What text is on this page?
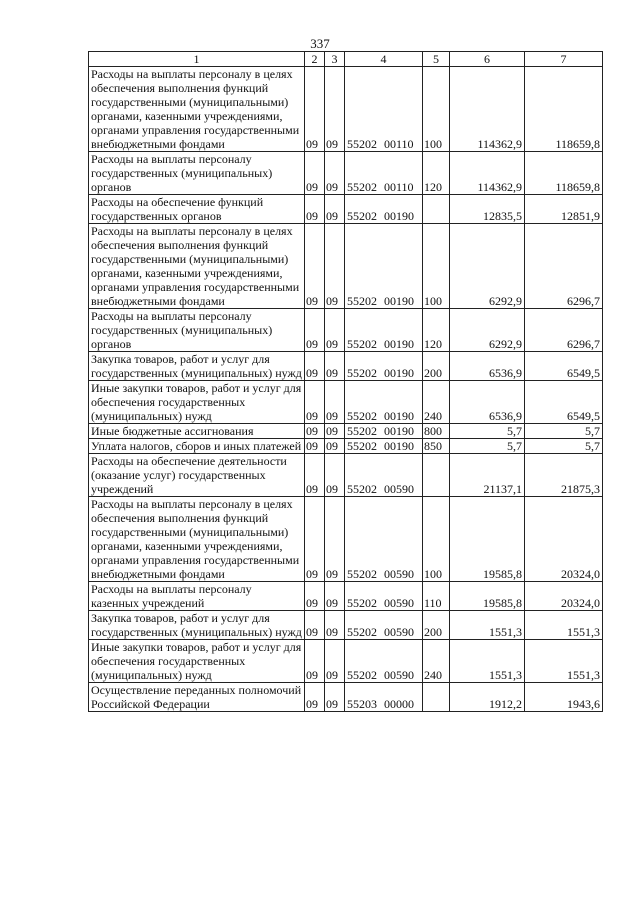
337
1	2	3	4	5	6	7
Расходы на выплаты персоналу в целях обеспечения выполнения функций государственными (муниципальными) органами, казенными учреждениями, органами управления государственными внебюджетными фондами	09	09	55202 00110	100	114362,9	118659,8
Расходы на выплаты персоналу государственных (муниципальных) органов	09	09	55202 00110	120	114362,9	118659,8
Расходы на обеспечение функций государственных органов	09	09	55202 00190		12835,5	12851,9
Расходы на выплаты персоналу в целях обеспечения выполнения функций государственными (муниципальными) органами, казенными учреждениями, органами управления государственными внебюджетными фондами	09	09	55202 00190	100	6292,9	6296,7
Расходы на выплаты персоналу государственных (муниципальных) органов	09	09	55202 00190	120	6292,9	6296,7
Закупка товаров, работ и услуг для государственных (муниципальных) нужд	09	09	55202 00190	200	6536,9	6549,5
Иные закупки товаров, работ и услуг для обеспечения государственных (муниципальных) нужд	09	09	55202 00190	240	6536,9	6549,5
Иные бюджетные ассигнования	09	09	55202 00190	800	5,7	5,7
Уплата налогов, сборов и иных платежей	09	09	55202 00190	850	5,7	5,7
Расходы на обеспечение деятельности (оказание услуг) государственных учреждений	09	09	55202 00590		21137,1	21875,3
Расходы на выплаты персоналу в целях обеспечения выполнения функций государственными (муниципальными) органами, казенными учреждениями, органами управления государственными внебюджетными фондами	09	09	55202 00590	100	19585,8	20324,0
Расходы на выплаты персоналу казенных учреждений	09	09	55202 00590	110	19585,8	20324,0
Закупка товаров, работ и услуг для государственных (муниципальных) нужд	09	09	55202 00590	200	1551,3	1551,3
Иные закупки товаров, работ и услуг для обеспечения государственных (муниципальных) нужд	09	09	55202 00590	240	1551,3	1551,3
Осуществление переданных полномочий Российской Федерации	09	09	55203 00000		1912,2	1943,6
